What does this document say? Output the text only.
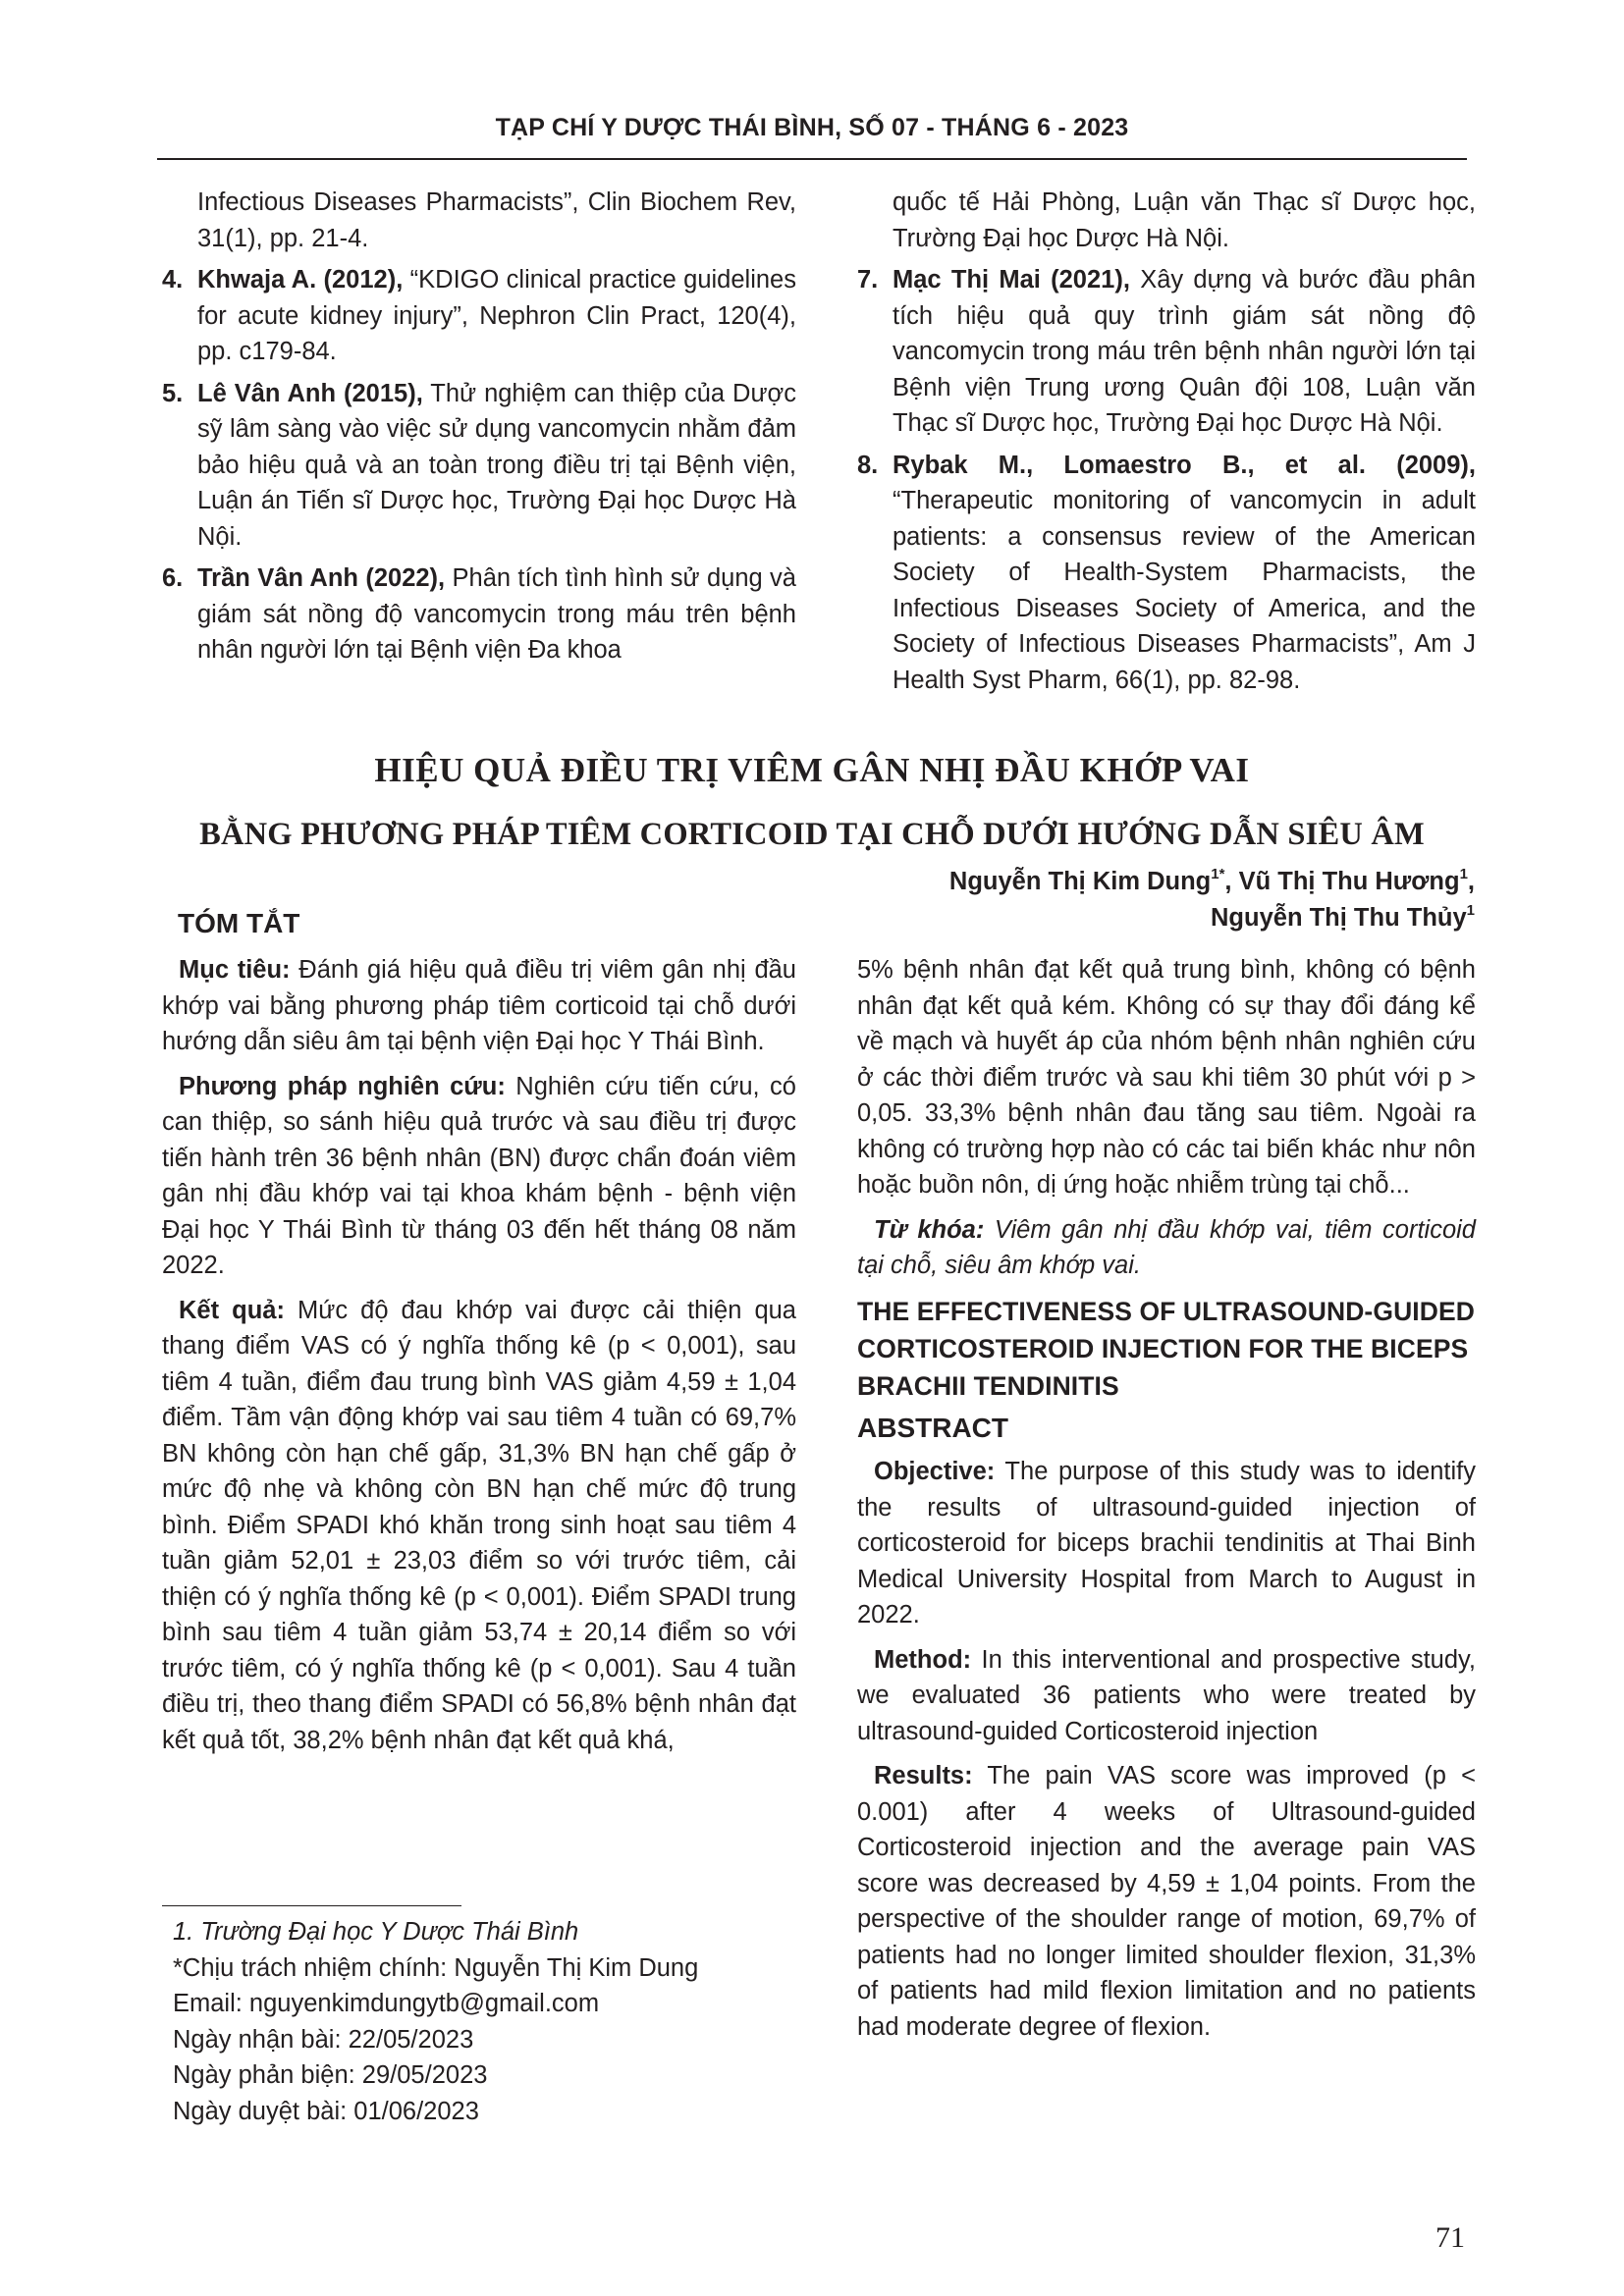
TẠP CHÍ Y DƯỢC THÁI BÌNH, SỐ 07 - THÁNG 6 - 2023
Infectious Diseases Pharmacists”, Clin Biochem Rev, 31(1), pp. 21-4.
4. Khwaja A. (2012), “KDIGO clinical practice guidelines for acute kidney injury”, Nephron Clin Pract, 120(4), pp. c179-84.
5. Lê Vân Anh (2015), Thử nghiệm can thiệp của Dược sỹ lâm sàng vào việc sử dụng vancomycin nhằm đảm bảo hiệu quả và an toàn trong điều trị tại Bệnh viện, Luận án Tiến sĩ Dược học, Trường Đại học Dược Hà Nội.
6. Trần Vân Anh (2022), Phân tích tình hình sử dụng và giám sát nồng độ vancomycin trong máu trên bệnh nhân người lớn tại Bệnh viện Đa khoa
quốc tế Hải Phòng, Luận văn Thạc sĩ Dược học, Trường Đại học Dược Hà Nội.
7. Mạc Thị Mai (2021), Xây dựng và bước đầu phân tích hiệu quả quy trình giám sát nồng độ vancomycin trong máu trên bệnh nhân người lớn tại Bệnh viện Trung ương Quân đội 108, Luận văn Thạc sĩ Dược học, Trường Đại học Dược Hà Nội.
8. Rybak M., Lomaestro B., et al. (2009), “Therapeutic monitoring of vancomycin in adult patients: a consensus review of the American Society of Health-System Pharmacists, the Infectious Diseases Society of America, and the Society of Infectious Diseases Pharmacists”, Am J Health Syst Pharm, 66(1), pp. 82-98.
HIỆU QUẢ ĐIỀU TRỊ VIÊM GÂN NHỊ ĐẦU KHỚP VAI
BẰNG PHƯƠNG PHÁP TIÊM CORTICOID TẠI CHỖ DƯỚI HƯỚNG DẪN SIÊU ÂM
Nguyễn Thị Kim Dung$^{1*}$, Vũ Thị Thu Hương$^1$,
Nguyễn Thị Thu Thủy$^1$
TÓM TẮT

Mục tiêu: Đánh giá hiệu quả điều trị viêm gân nhị đầu khớp vai bằng phương pháp tiêm corticoid tại chỗ dưới hướng dẫn siêu âm tại bệnh viện Đại học Y Thái Bình.

Phương pháp nghiên cứu: Nghiên cứu tiến cứu, có can thiệp, so sánh hiệu quả trước và sau điều trị được tiến hành trên 36 bệnh nhân (BN) được chẩn đoán viêm gân nhị đầu khớp vai tại khoa khám bệnh - bệnh viện Đại học Y Thái Bình từ tháng 03 đến hết tháng 08 năm 2022.

Kết quả: Mức độ đau khớp vai được cải thiện qua thang điểm VAS có ý nghĩa thống kê (p < 0,001), sau tiêm 4 tuần, điểm đau trung bình VAS giảm 4,59 ± 1,04 điểm. Tầm vận động khớp vai sau tiêm 4 tuần có 69,7% BN không còn hạn chế gấp, 31,3% BN hạn chế gấp ở mức độ nhẹ và không còn BN hạn chế mức độ trung bình. Điểm SPADI khó khăn trong sinh hoạt sau tiêm 4 tuần giảm 52,01 ± 23,03 điểm so với trước tiêm, cải thiện có ý nghĩa thống kê (p < 0,001). Điểm SPADI trung bình sau tiêm 4 tuần giảm 53,74 ± 20,14 điểm so với trước tiêm, có ý nghĩa thống kê (p < 0,001). Sau 4 tuần điều trị, theo thang điểm SPADI có 56,8% bệnh nhân đạt kết quả tốt, 38,2% bệnh nhân đạt kết quả khá,

5% bệnh nhân đạt kết quả trung bình, không có bệnh nhân đạt kết quả kém. Không có sự thay đổi đáng kể về mạch và huyết áp của nhóm bệnh nhân nghiên cứu ở các thời điểm trước và sau khi tiêm 30 phút với p > 0,05. 33,3% bệnh nhân đau tăng sau tiêm. Ngoài ra không có trường hợp nào có các tai biến khác như nôn hoặc buồn nôn, dị ứng hoặc nhiễm trùng tại chỗ...

Từ khóa: Viêm gân nhị đầu khớp vai, tiêm corticoid tại chỗ, siêu âm khớp vai.

THE EFFECTIVENESS OF ULTRASOUND-GUIDED CORTICOSTEROID INJECTION FOR THE BICEPS BRACHII TENDINITIS
ABSTRACT

Objective: The purpose of this study was to identify the results of ultrasound-guided injection of corticosteroid for biceps brachii tendinitis at Thai Binh Medical University Hospital from March to August in 2022.

Method: In this interventional and prospective study, we evaluated 36 patients who were treated by ultrasound-guided Corticosteroid injection

Results: The pain VAS score was improved (p < 0.001) after 4 weeks of Ultrasound-guided Corticosteroid injection and the average pain VAS score was decreased by 4,59 ± 1,04 points. From the perspective of the shoulder range of motion, 69,7% of patients had no longer limited shoulder flexion, 31,3% of patients had mild flexion limitation and no patients had moderate degree of flexion.

1. Trường Đại học Y Dược Thái Bình
*Chịu trách nhiệm chính: Nguyễn Thị Kim Dung
Email: nguyenkimdungytb@gmail.com
Ngày nhận bài: 22/05/2023
Ngày phản biện: 29/05/2023
Ngày duyệt bài: 01/06/2023
71
